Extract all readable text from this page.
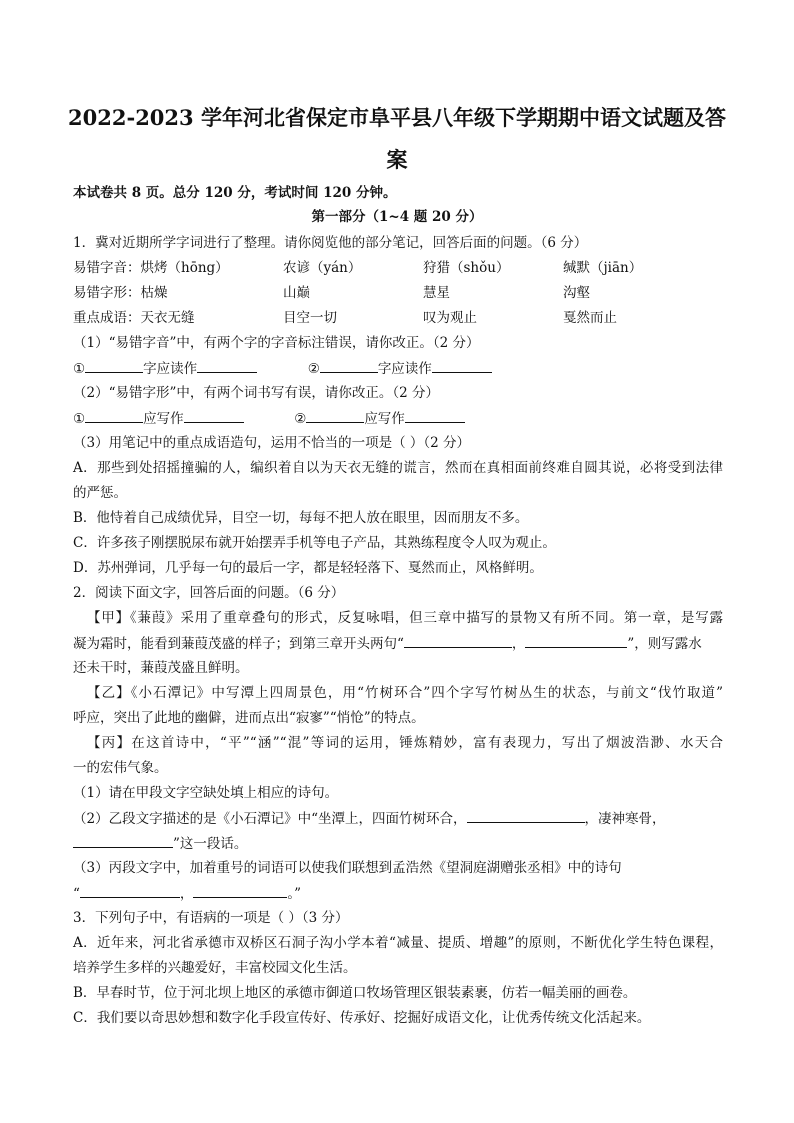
2022-2023 学年河北省保定市阜平县八年级下学期期中语文试题及答
案
本试卷共 8 页。总分 120 分，考试时间 120 分钟。
第一部分（1~4 题 20 分）
1．冀对近期所学字词进行了整理。请你阅览他的部分笔记，回答后面的问题。（6 分）
易错字音：烘烤（hōng）	农谚（yán）	狩猎（shǒu）	缄默（jiān）
易错字形：枯燥	山巅	慧星	沟壑
重点成语：天衣无缝	目空一切	叹为观止	戛然而止
（1）“易错字音”中，有两个字的字音标注错误，请你改正。（2 分）
①	字应读作	②	字应读作
（2）“易错字形”中，有两个词书写有误，请你改正。（2 分）
①	应写作	②	应写作
（3）用笔记中的重点成语造句，运用不恰当的一项是（ ）（2 分）
A．那些到处招摇撞骗的人，编织着自以为天衣无缝的谎言，然而在真相面前终难自圆其说，必将受到法律
的严惩。
B．他恃着自己成绩优异，目空一切，每每不把人放在眼里，因而朋友不多。
C．许多孩子刚摆脱尿布就开始摆弄手机等电子产品，其熟练程度令人叹为观止。
D．苏州弹词，几乎每一句的最后一字，都是轻轻落下、戛然而止，风格鲜明。
2．阅读下面文字，回答后面的问题。（6 分）
【甲】《蒹葭》采用了重章叠句的形式，反复咏唱，但三章中描写的景物又有所不同。第一章，是写露
凝为霜时，能看到蒹葭茂盛的样子；到第三章开头两句“	，	”，则写露水
还未干时，蒹葭茂盛且鲜明。
【乙】《小石潭记》中写潭上四周景色，用“竹树环合”四个字写竹树丛生的状态，与前文“伐竹取道”
呼应，突出了此地的幽僻，进而点出“寂寥”“悄怆”的特点。
【丙】在这首诗中，“平”“涵”“混”等词的运用，锤炼精妙，富有表现力，写出了烟波浩渺、水天合
一的宏伟气象。
（1）请在甲段文字空缺处填上相应的诗句。
（2）乙段文字描述的是《小石潭记》中“坐潭上，四面竹树环合，	，凄神寒骨，
”这一段话。
（3）丙段文字中，加着重号的词语可以使我们联想到孟浩然《望洞庭湖赠张丞相》中的诗句
“	，	。”
3．下列句子中，有语病的一项是（ ）（3 分）
A．近年来，河北省承德市双桥区石洞子沟小学本着“减量、提质、增趣”的原则，不断优化学生特色课程，
培养学生多样的兴趣爱好，丰富校园文化生活。
B．早春时节，位于河北坝上地区的承德市御道口牧场管理区银装素裹，仿若一幅美丽的画卷。
C．我们要以奇思妙想和数字化手段宣传好、传承好、挖掘好成语文化，让优秀传统文化活起来。
